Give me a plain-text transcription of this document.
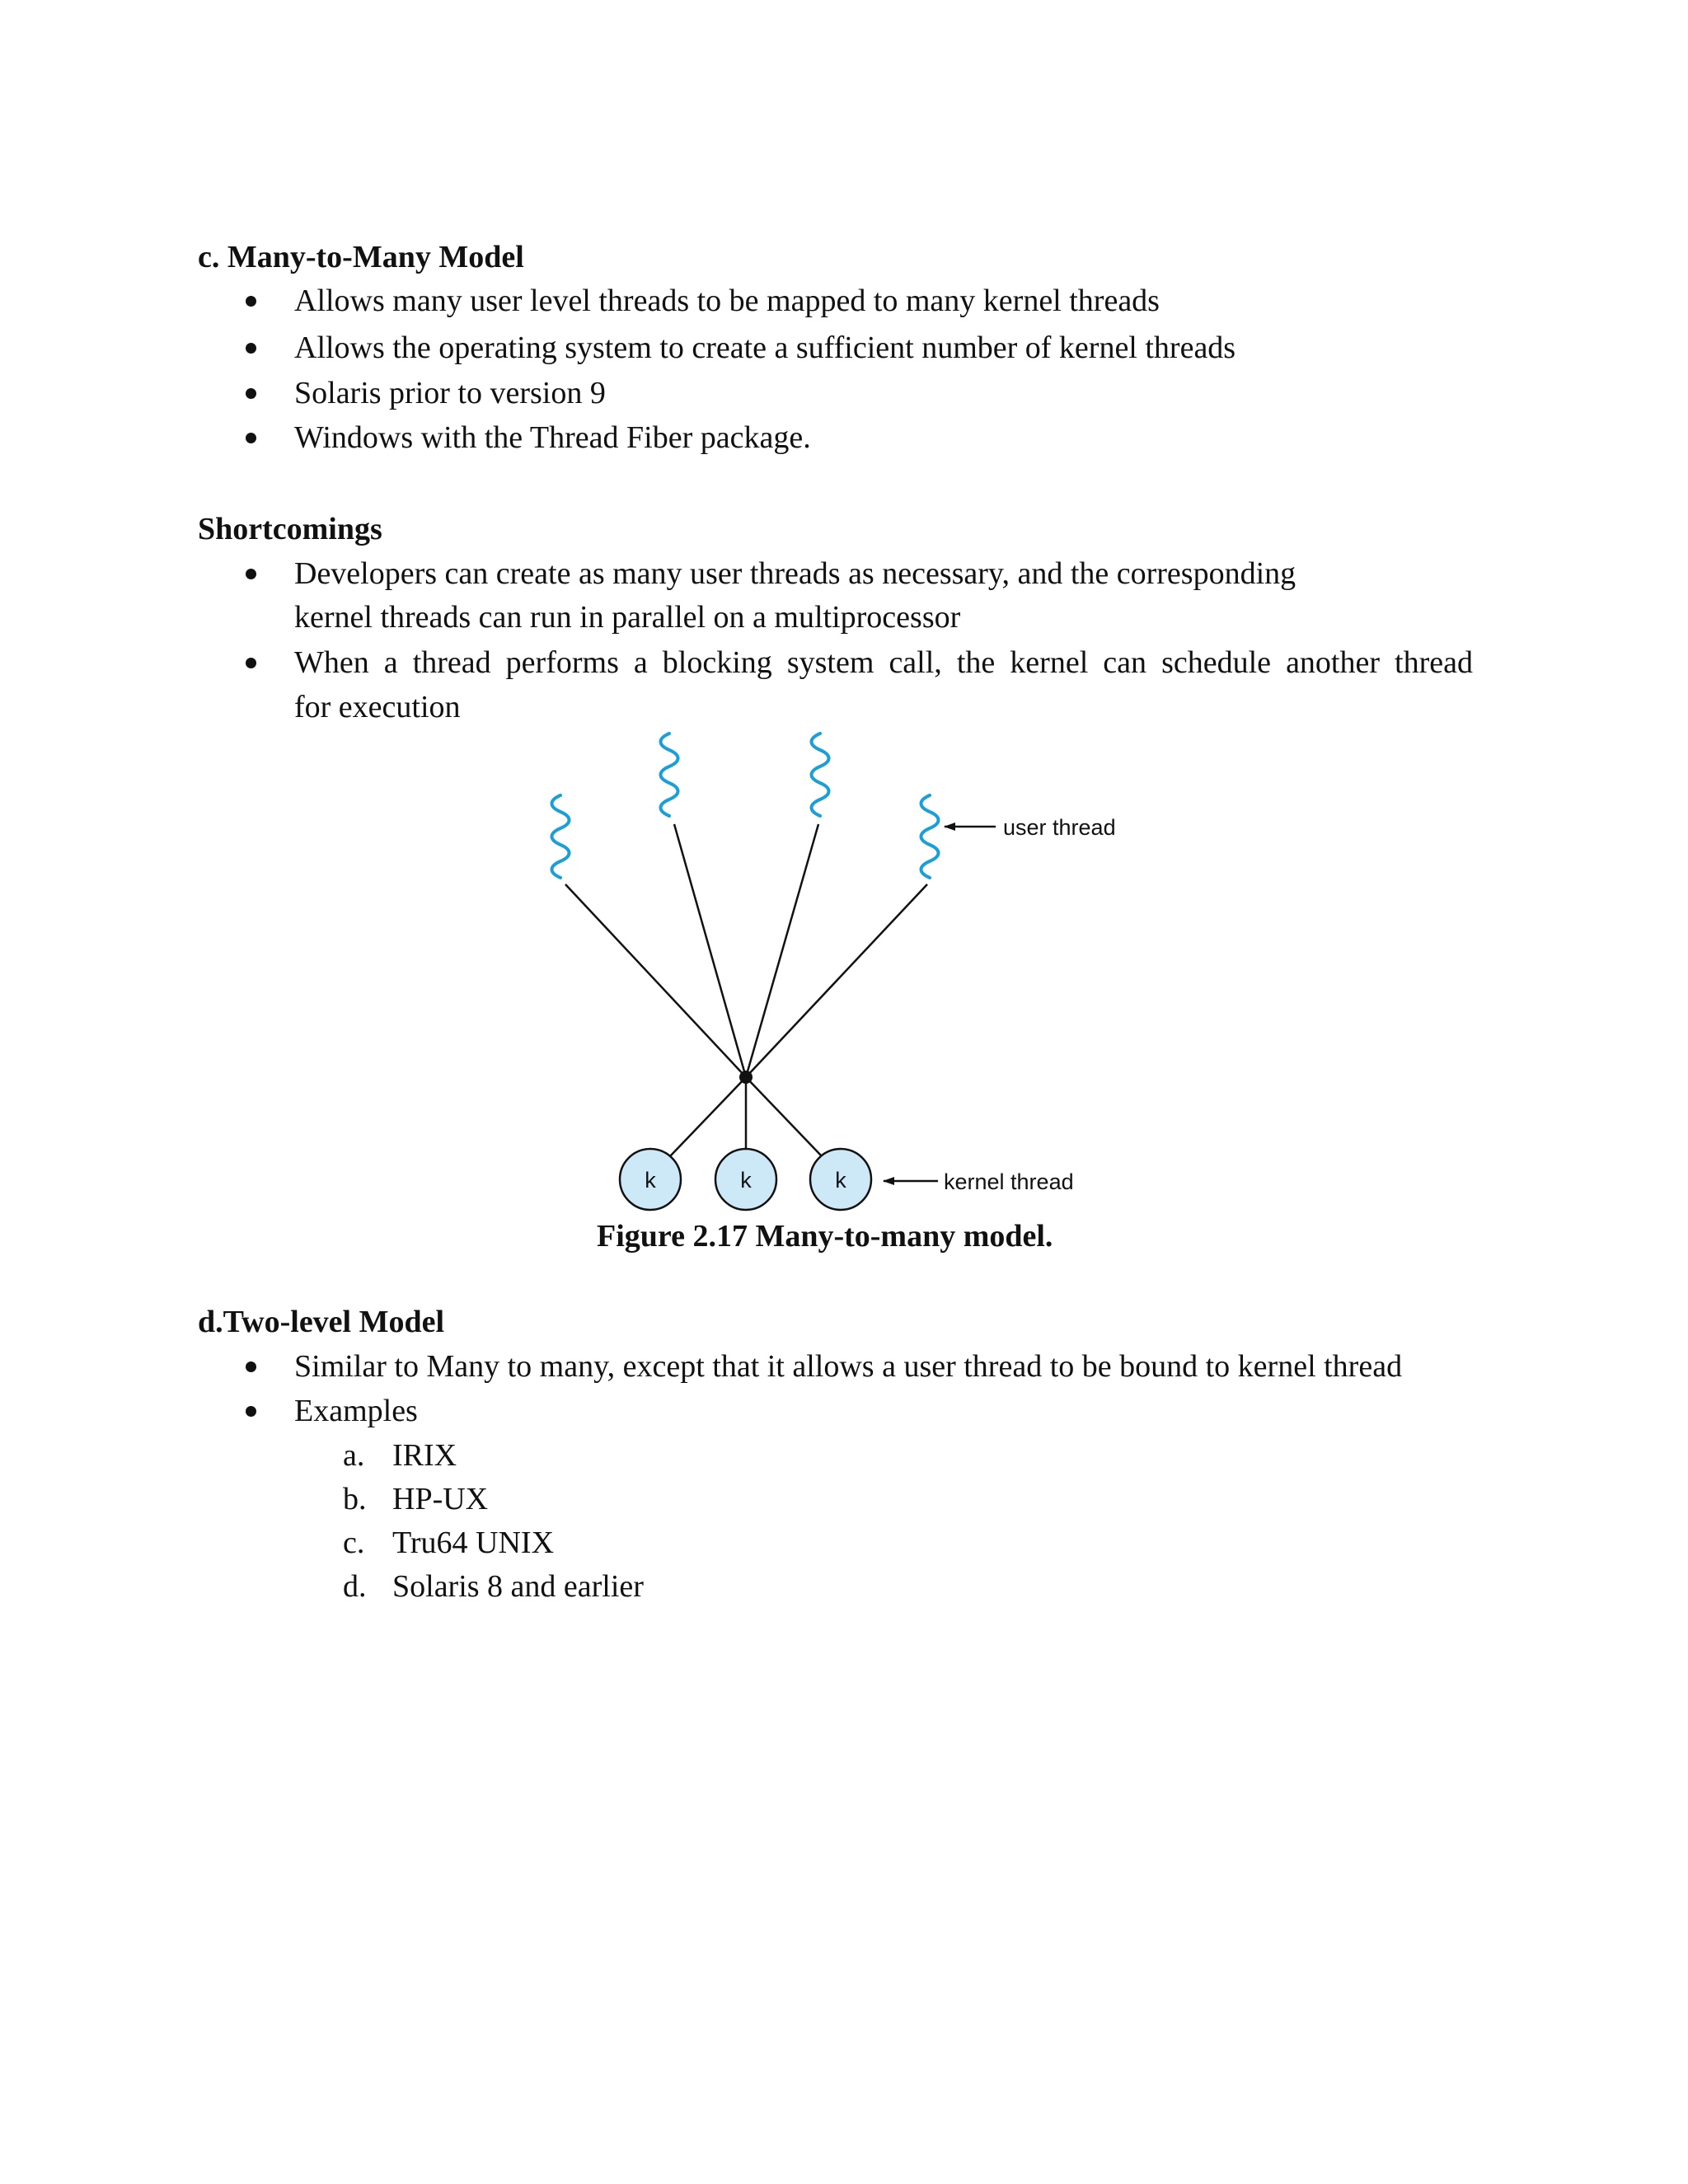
c. Many-to-Many Model
Allows many user level threads to be mapped to many kernel threads
Allows the operating system to create a sufficient number of kernel threads
Solaris prior to version 9
Windows with the Thread Fiber package.
Shortcomings
Developers can create as many user threads as necessary, and the corresponding
kernel threads can run in parallel on a multiprocessor
When a thread performs a blocking system call, the kernel can schedule another thread
for execution
user thread
k	k	k	kernel thread
Figure 2.17 Many-to-many model.
d.Two-level Model
Similar to Many to many, except that it allows a user thread to be bound to kernel thread
Examples
a. IRIX
b. HP-UX
c. Tru64 UNIX
d. Solaris 8 and earlier
